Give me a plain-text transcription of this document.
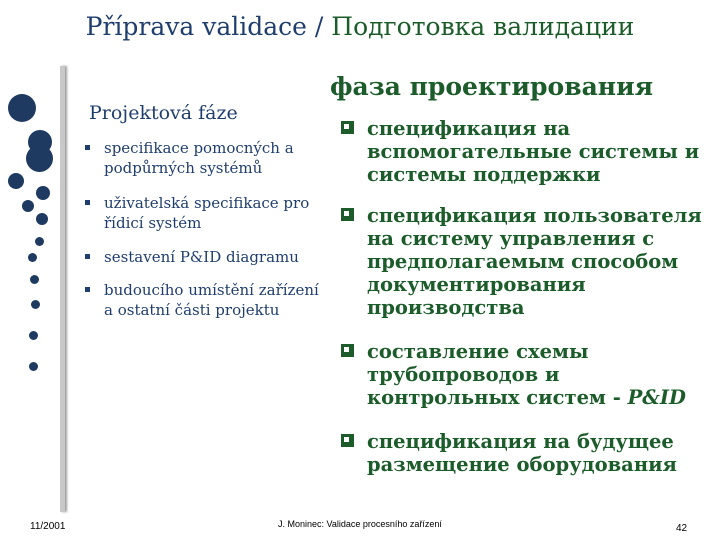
Příprava validace / Подготовка валидации
Projektová fáze
specifikace pomocných a podpůrných systémů
uživatelská specifikace pro řídicí systém
sestavení P&ID diagramu
budoucího umístění zařízení a ostatní části projektu
фаза проектирования
спецификация на вспомогательные системы и системы поддержки
спецификация пользователя на систему управления с предполагаемым способом документирования производства
составление схемы трубопроводов и контрольных систем - P&ID
спецификация на будущее размещение оборудования
11/2001	J. Moninec: Validace procesního zařízení	42
